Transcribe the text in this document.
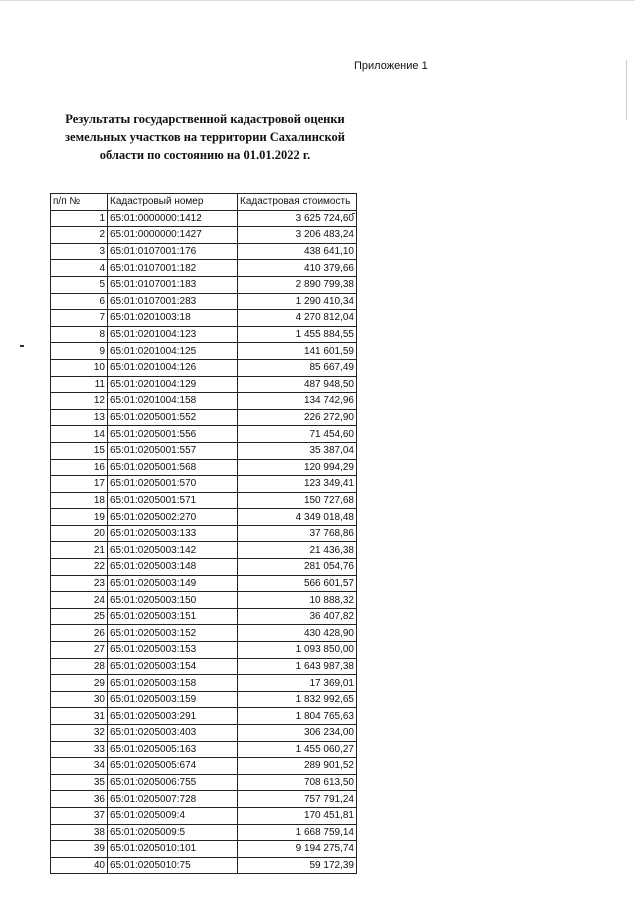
Приложение 1
Результаты государственной кадастровой оценки земельных участков на территории Сахалинской области по состоянию на 01.01.2022 г.
п/п №	Кадастровый номер	Кадастровая стоимость
1	65:01:0000000:1412	3 625 724,60
2	65:01:0000000:1427	3 206 483,24
3	65:01:0107001:176	438 641,10
4	65:01:0107001:182	410 379,66
5	65:01:0107001:183	2 890 799,38
6	65:01:0107001:283	1 290 410,34
7	65:01:0201003:18	4 270 812,04
8	65:01:0201004:123	1 455 884,55
9	65:01:0201004:125	141 601,59
10	65:01:0201004:126	85 667,49
11	65:01:0201004:129	487 948,50
12	65:01:0201004:158	134 742,96
13	65:01:0205001:552	226 272,90
14	65:01:0205001:556	71 454,60
15	65:01:0205001:557	35 387,04
16	65:01:0205001:568	120 994,29
17	65:01:0205001:570	123 349,41
18	65:01:0205001:571	150 727,68
19	65:01:0205002:270	4 349 018,48
20	65:01:0205003:133	37 768,86
21	65:01:0205003:142	21 436,38
22	65:01:0205003:148	281 054,76
23	65:01:0205003:149	566 601,57
24	65:01:0205003:150	10 888,32
25	65:01:0205003:151	36 407,82
26	65:01:0205003:152	430 428,90
27	65:01:0205003:153	1 093 850,00
28	65:01:0205003:154	1 643 987,38
29	65:01:0205003:158	17 369,01
30	65:01:0205003:159	1 832 992,65
31	65:01:0205003:291	1 804 765,63
32	65:01:0205003:403	306 234,00
33	65:01:0205005:163	1 455 060,27
34	65:01:0205005:674	289 901,52
35	65:01:0205006:755	708 613,50
36	65:01:0205007:728	757 791,24
37	65:01:0205009:4	170 451,81
38	65:01:0205009:5	1 668 759,14
39	65:01:0205010:101	9 194 275,74
40	65:01:0205010:75	59 172,39
